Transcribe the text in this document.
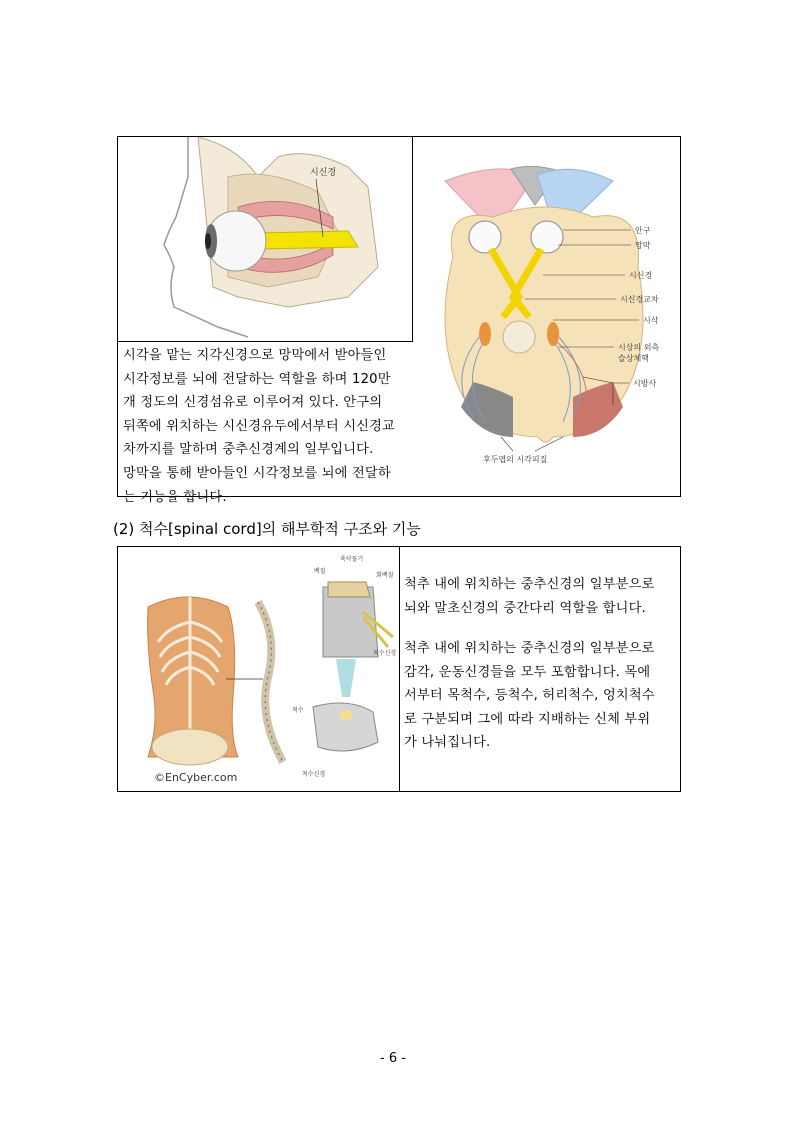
시신경
안구
망막
시신경
시신경교차
시삭
시상의 외측
슬상체핵
시방사
후두엽의 시각피질
시각을 맡는 지각신경으로 망막에서 받아들인
시각정보를 뇌에 전달하는 역할을 하며 120만
개 정도의 신경섬유로 이루어져 있다. 안구의
뒤쪽에 위치하는 시신경유두에서부터 시신경교
차까지를 말하며 중추신경계의 일부입니다.
망막을 통해 받아들인 시각정보를 뇌에 전달하
는 기능을 합니다.
(2) 척수[spinal cord]의 해부학적 구조와 기능
백질
축삭돌기
회백질
척수신경
척수
척수신경
©EnCyber.com
척추 내에 위치하는 중추신경의 일부분으로
뇌와 말초신경의 중간다리 역할을 합니다.
척추 내에 위치하는 중추신경의 일부분으로
감각, 운동신경들을 모두 포함합니다. 목에
서부터 목척수, 등척수, 허리척수, 엉치척수
로 구분되며 그에 따라 지배하는 신체 부위
가 나눠집니다.
- 6 -
